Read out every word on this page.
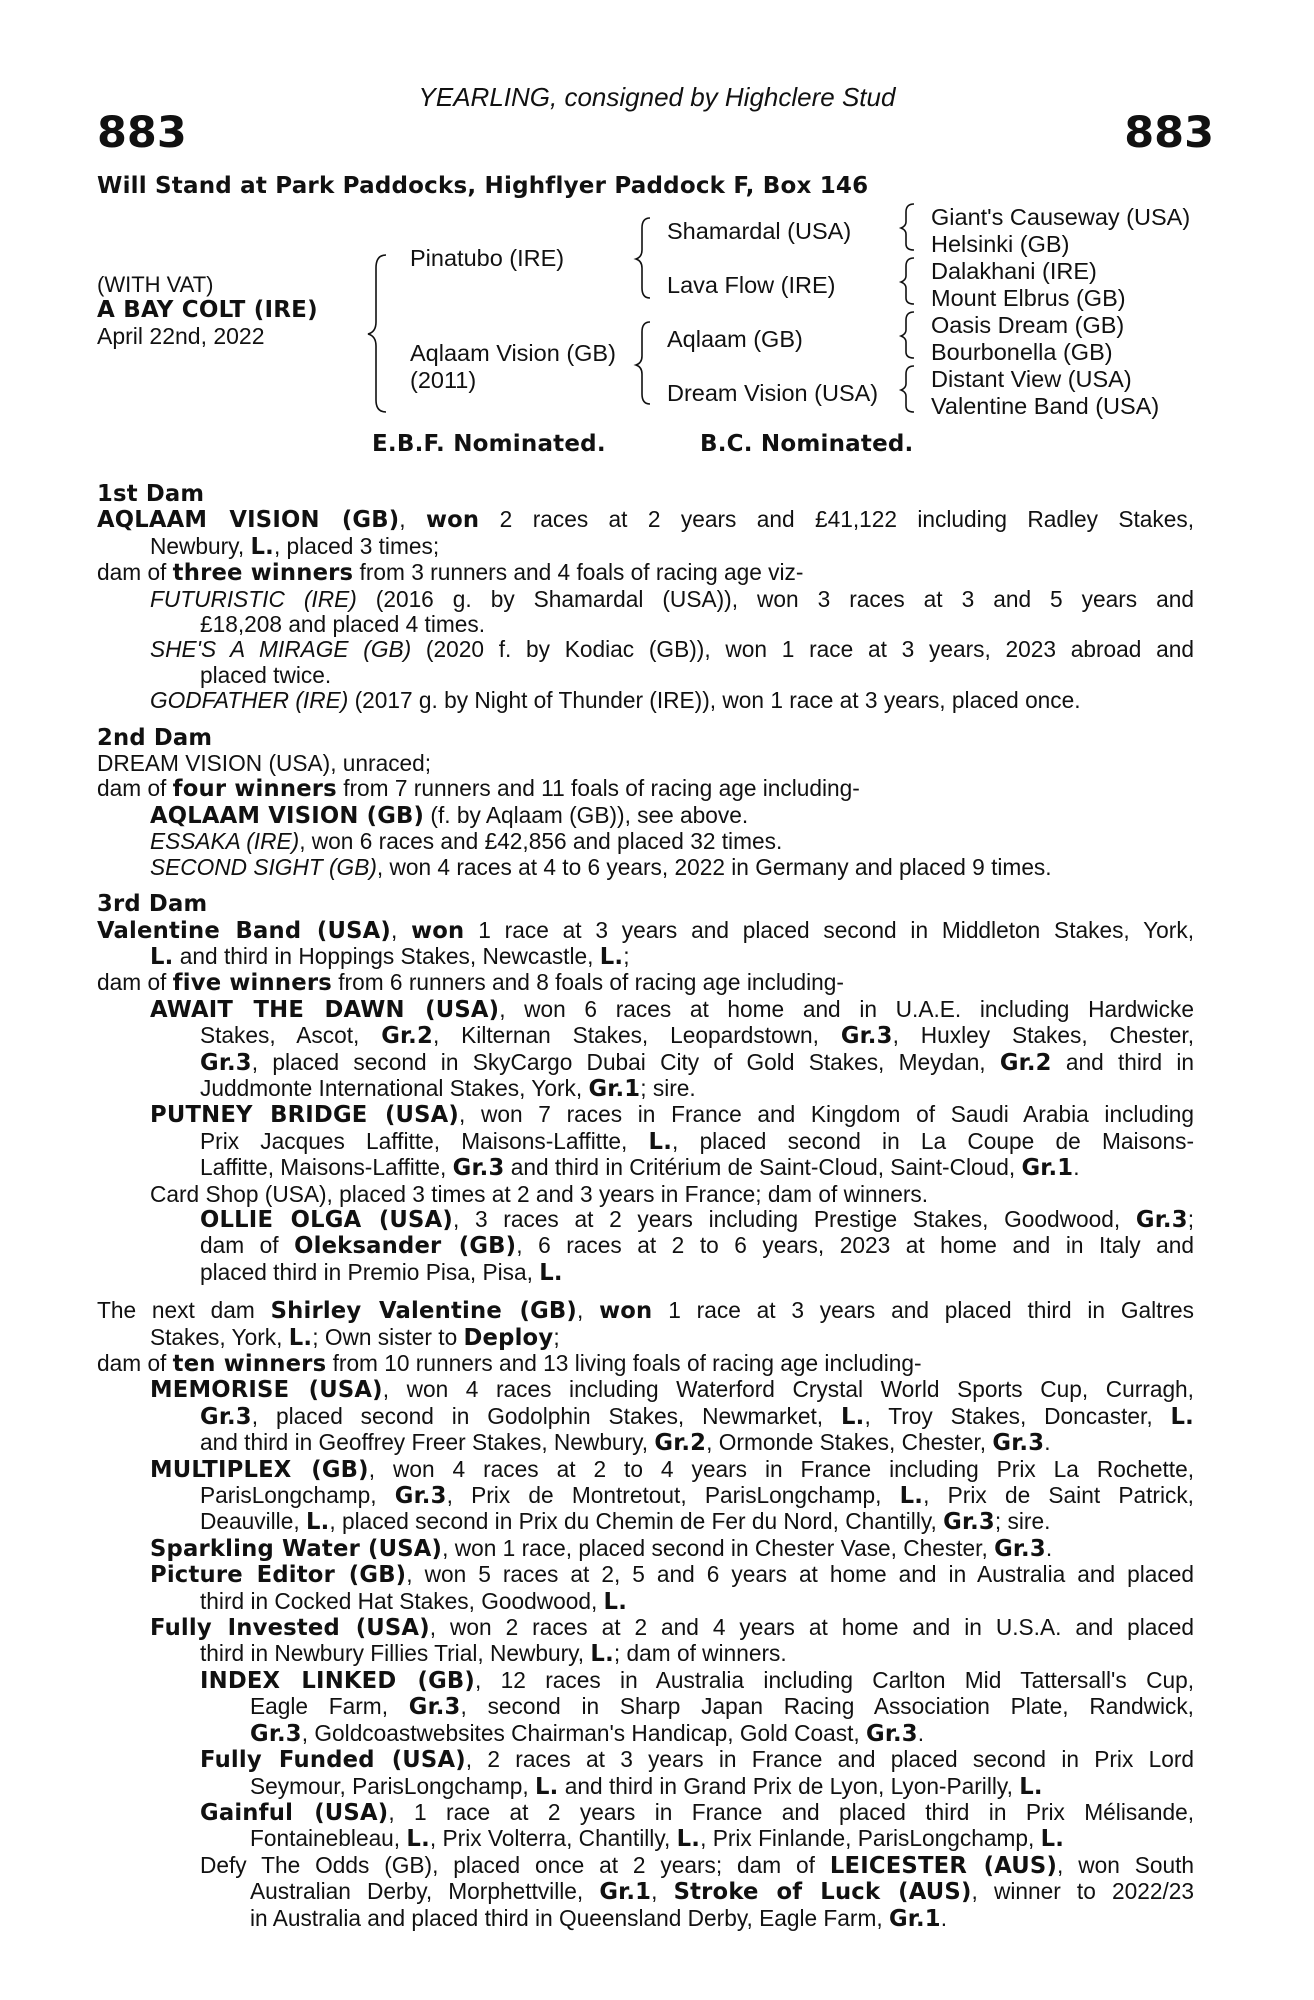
YEARLING, consigned by Highclere Stud
883	883
Will Stand at Park Paddocks, Highflyer Paddock F, Box 146
(WITH VAT)
A BAY COLT (IRE)
April 22nd, 2022
Pinatubo (IRE)
Aqlaam Vision (GB)
(2011)
Shamardal (USA)
Lava Flow (IRE)
Aqlaam (GB)
Dream Vision (USA)
Giant's Causeway (USA)
Helsinki (GB)
Dalakhani (IRE)
Mount Elbrus (GB)
Oasis Dream (GB)
Bourbonella (GB)
Distant View (USA)
Valentine Band (USA)
E.B.F. Nominated.	B.C. Nominated.
1st Dam
AQLAAM VISION (GB), won 2 races at 2 years and £41,122 including Radley Stakes,
Newbury, L., placed 3 times;
dam of three winners from 3 runners and 4 foals of racing age viz-
FUTURISTIC (IRE) (2016 g. by Shamardal (USA)), won 3 races at 3 and 5 years and
£18,208 and placed 4 times.
SHE'S A MIRAGE (GB) (2020 f. by Kodiac (GB)), won 1 race at 3 years, 2023 abroad and
placed twice.
GODFATHER (IRE) (2017 g. by Night of Thunder (IRE)), won 1 race at 3 years, placed once.
2nd Dam
DREAM VISION (USA), unraced;
dam of four winners from 7 runners and 11 foals of racing age including-
AQLAAM VISION (GB) (f. by Aqlaam (GB)), see above.
ESSAKA (IRE), won 6 races and £42,856 and placed 32 times.
SECOND SIGHT (GB), won 4 races at 4 to 6 years, 2022 in Germany and placed 9 times.
3rd Dam
Valentine Band (USA), won 1 race at 3 years and placed second in Middleton Stakes, York,
L. and third in Hoppings Stakes, Newcastle, L.;
dam of five winners from 6 runners and 8 foals of racing age including-
AWAIT THE DAWN (USA), won 6 races at home and in U.A.E. including Hardwicke
Stakes, Ascot, Gr.2, Kilternan Stakes, Leopardstown, Gr.3, Huxley Stakes, Chester,
Gr.3, placed second in SkyCargo Dubai City of Gold Stakes, Meydan, Gr.2 and third in
Juddmonte International Stakes, York, Gr.1; sire.
PUTNEY BRIDGE (USA), won 7 races in France and Kingdom of Saudi Arabia including
Prix Jacques Laffitte, Maisons-Laffitte, L., placed second in La Coupe de Maisons-
Laffitte, Maisons-Laffitte, Gr.3 and third in Critérium de Saint-Cloud, Saint-Cloud, Gr.1.
Card Shop (USA), placed 3 times at 2 and 3 years in France; dam of winners.
OLLIE OLGA (USA), 3 races at 2 years including Prestige Stakes, Goodwood, Gr.3;
dam of Oleksander (GB), 6 races at 2 to 6 years, 2023 at home and in Italy and
placed third in Premio Pisa, Pisa, L.
The next dam Shirley Valentine (GB), won 1 race at 3 years and placed third in Galtres
Stakes, York, L.; Own sister to Deploy;
dam of ten winners from 10 runners and 13 living foals of racing age including-
MEMORISE (USA), won 4 races including Waterford Crystal World Sports Cup, Curragh,
Gr.3, placed second in Godolphin Stakes, Newmarket, L., Troy Stakes, Doncaster, L.
and third in Geoffrey Freer Stakes, Newbury, Gr.2, Ormonde Stakes, Chester, Gr.3.
MULTIPLEX (GB), won 4 races at 2 to 4 years in France including Prix La Rochette,
ParisLongchamp, Gr.3, Prix de Montretout, ParisLongchamp, L., Prix de Saint Patrick,
Deauville, L., placed second in Prix du Chemin de Fer du Nord, Chantilly, Gr.3; sire.
Sparkling Water (USA), won 1 race, placed second in Chester Vase, Chester, Gr.3.
Picture Editor (GB), won 5 races at 2, 5 and 6 years at home and in Australia and placed
third in Cocked Hat Stakes, Goodwood, L.
Fully Invested (USA), won 2 races at 2 and 4 years at home and in U.S.A. and placed
third in Newbury Fillies Trial, Newbury, L.; dam of winners.
INDEX LINKED (GB), 12 races in Australia including Carlton Mid Tattersall's Cup,
Eagle Farm, Gr.3, second in Sharp Japan Racing Association Plate, Randwick,
Gr.3, Goldcoastwebsites Chairman's Handicap, Gold Coast, Gr.3.
Fully Funded (USA), 2 races at 3 years in France and placed second in Prix Lord
Seymour, ParisLongchamp, L. and third in Grand Prix de Lyon, Lyon-Parilly, L.
Gainful (USA), 1 race at 2 years in France and placed third in Prix Mélisande,
Fontainebleau, L., Prix Volterra, Chantilly, L., Prix Finlande, ParisLongchamp, L.
Defy The Odds (GB), placed once at 2 years; dam of LEICESTER (AUS), won South
Australian Derby, Morphettville, Gr.1, Stroke of Luck (AUS), winner to 2022/23
in Australia and placed third in Queensland Derby, Eagle Farm, Gr.1.
